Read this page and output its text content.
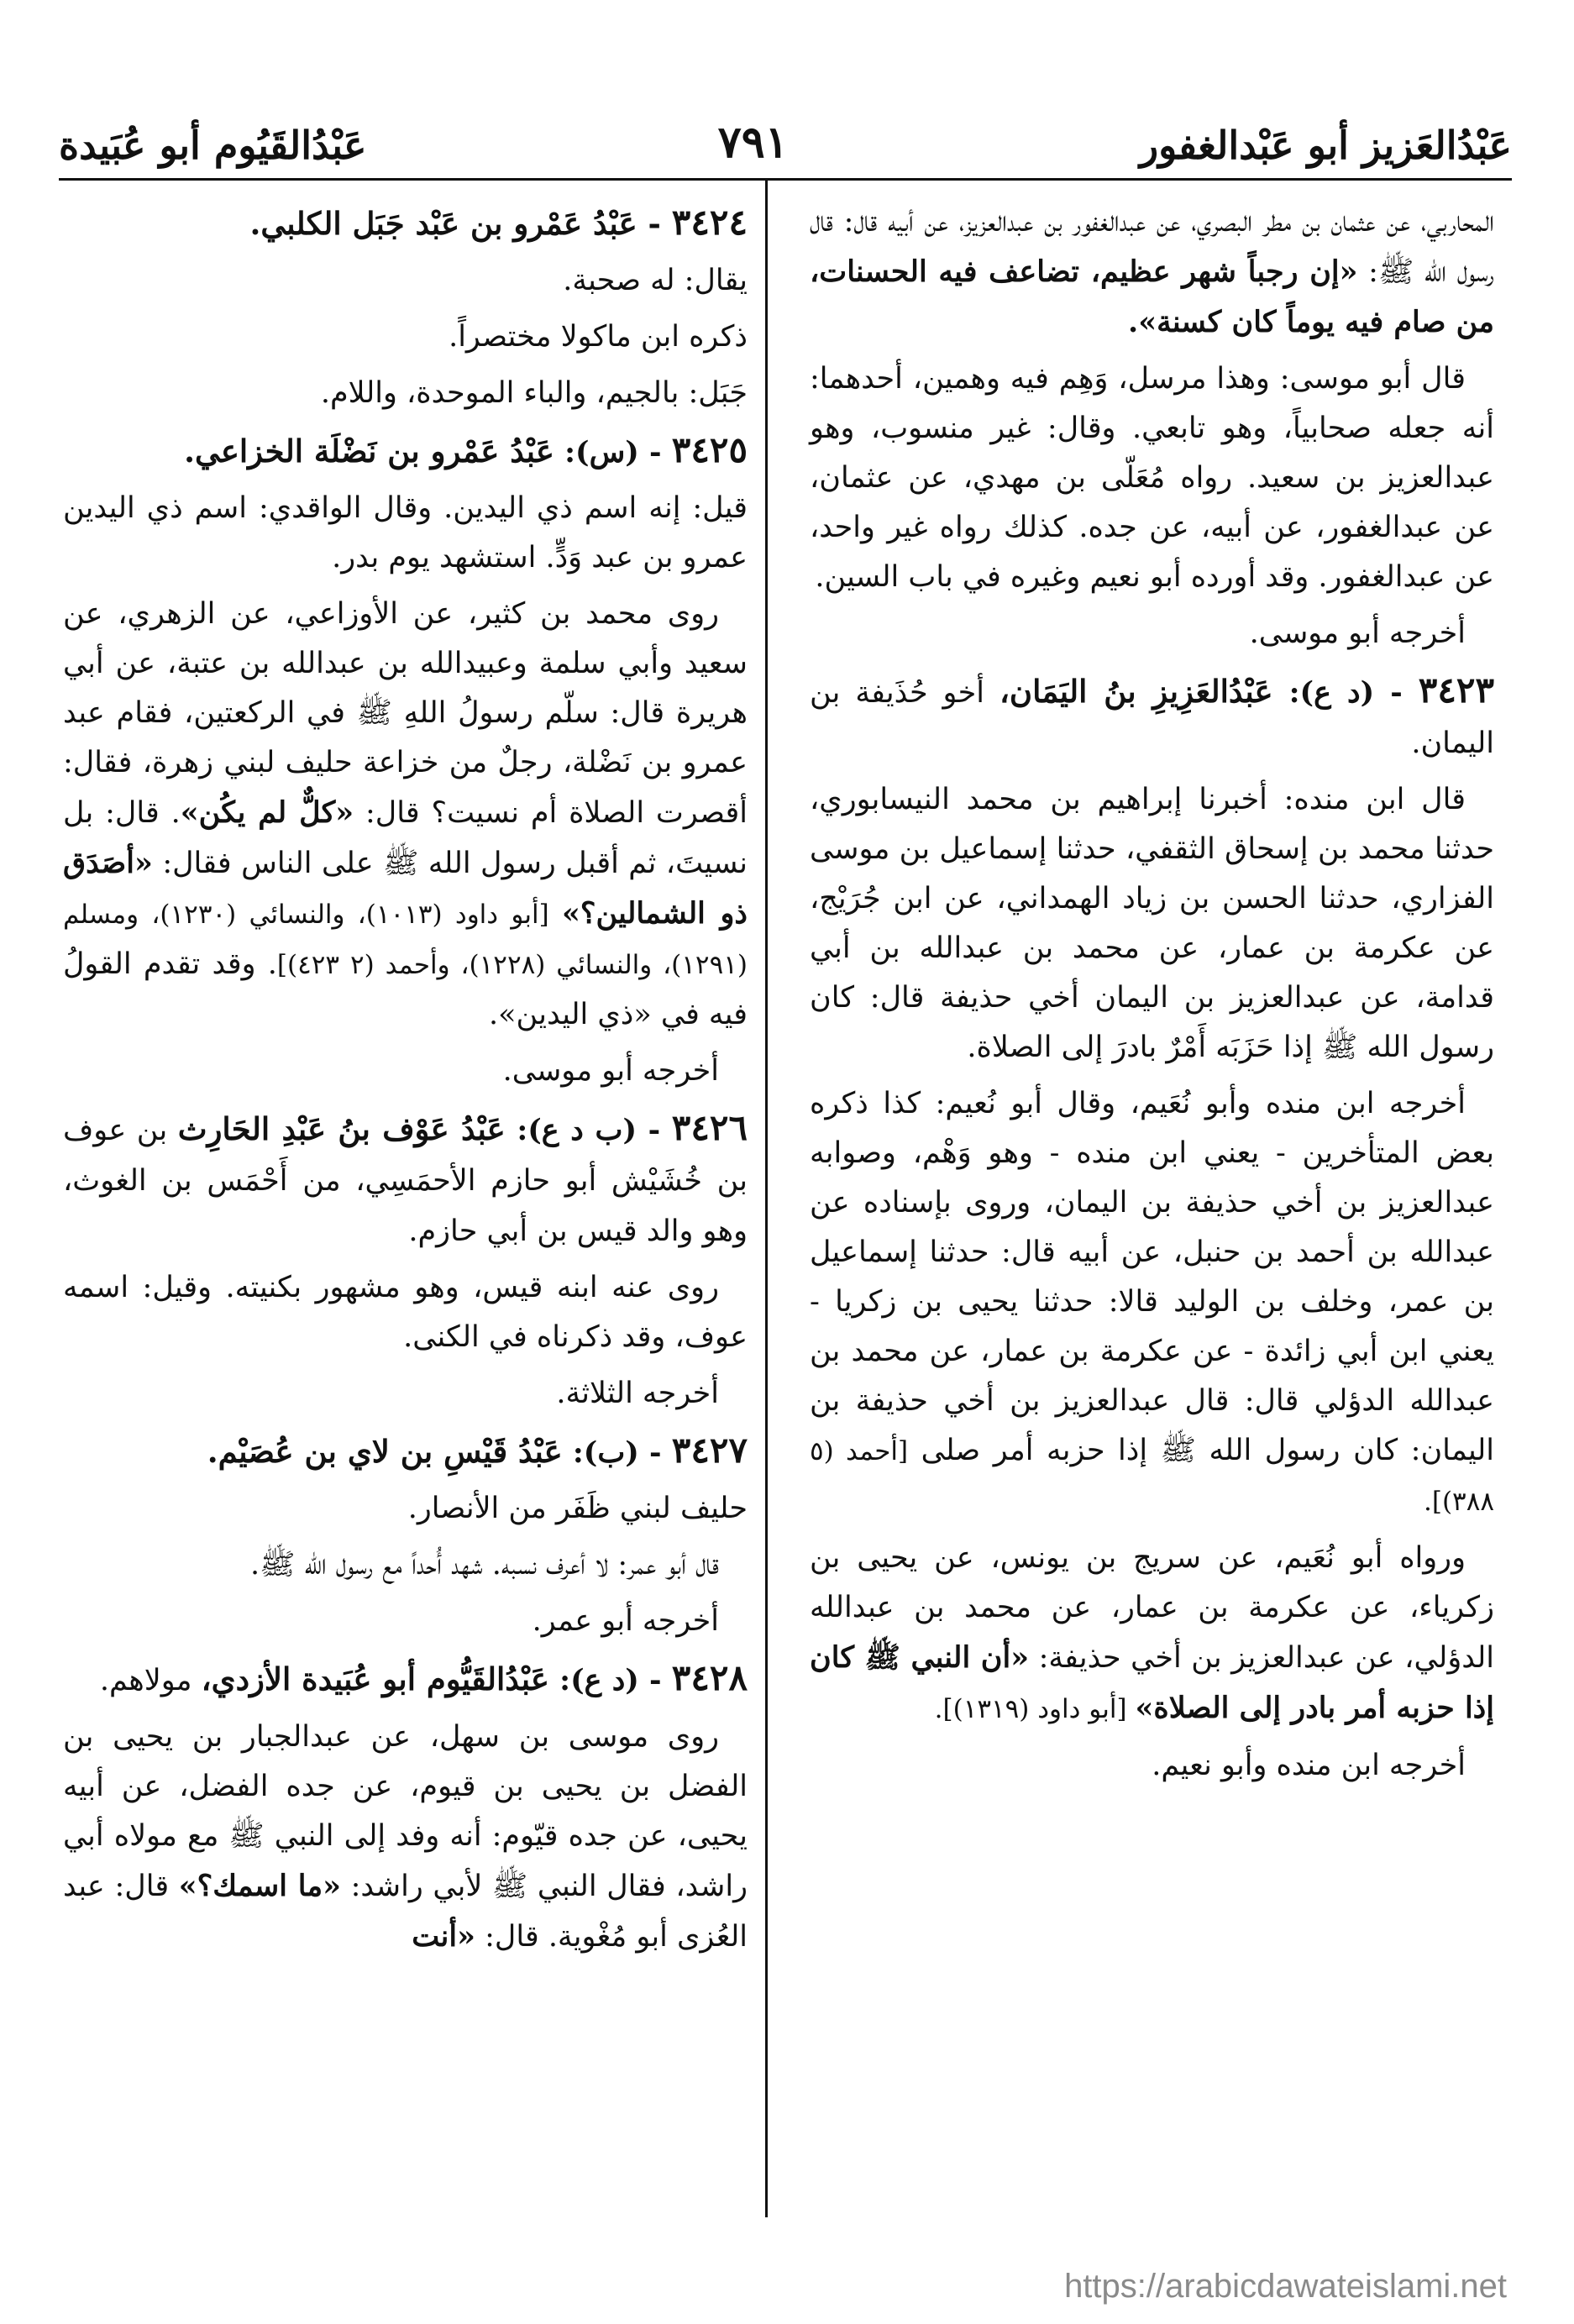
عَبْدُالعَزيز أبو عَبْدالغفور
٧٩١
عَبْدُالقَيُوم أبو عُبَيدة

المحاربي، عن عثمان بن مطر البصري، عن عبدالغفور بن عبدالعزيز، عن أبيه قال: قال رسول الله ﷺ: «إن رجباً شهر عظيم، تضاعف فيه الحسنات، من صام فيه يوماً كان كسنة».

قال أبو موسى: وهذا مرسل، وَهِم فيه وهمين، أحدهما: أنه جعله صحابياً، وهو تابعي. وقال: غير منسوب، وهو عبدالعزيز بن سعيد. رواه مُعَلّى بن مهدي، عن عثمان، عن عبدالغفور، عن أبيه، عن جده. كذلك رواه غير واحد، عن عبدالغفور. وقد أورده أبو نعيم وغيره في باب السين.

أخرجه أبو موسى.

٣٤٢٣ - (د ع): عَبْدُالعَزِيزِ بنُ اليَمَان، أخو حُذَيفة بن اليمان.

قال ابن منده: أخبرنا إبراهيم بن محمد النيسابوري، حدثنا محمد بن إسحاق الثقفي، حدثنا إسماعيل بن موسى الفزاري، حدثنا الحسن بن زياد الهمداني، عن ابن جُرَيْج، عن عكرمة بن عمار، عن محمد بن عبدالله بن أبي قدامة، عن عبدالعزيز بن اليمان أخي حذيفة قال: كان رسول الله ﷺ إذا حَزَبَه أَمْرٌ بادرَ إلى الصلاة.

أخرجه ابن منده وأبو نُعَيم، وقال أبو نُعيم: كذا ذكره بعض المتأخرين - يعني ابن منده - وهو وَهْم، وصوابه عبدالعزيز بن أخي حذيفة بن اليمان، وروى بإسناده عن عبدالله بن أحمد بن حنبل، عن أبيه قال: حدثنا إسماعيل بن عمر، وخلف بن الوليد قالا: حدثنا يحيى بن زكريا - يعني ابن أبي زائدة - عن عكرمة بن عمار، عن محمد بن عبدالله الدؤلي قال: قال عبدالعزيز بن أخي حذيفة بن اليمان: كان رسول الله ﷺ إذا حزبه أمر صلى [أحمد (٥ ٣٨٨)].

ورواه أبو نُعَيم، عن سريج بن يونس، عن يحيى بن زكرياء، عن عكرمة بن عمار، عن محمد بن عبدالله الدؤلي، عن عبدالعزيز بن أخي حذيفة: «أن النبي ﷺ كان إذا حزبه أمر بادر إلى الصلاة» [أبو داود (١٣١٩)].

أخرجه ابن منده وأبو نعيم.

٣٤٢٤ - عَبْدُ عَمْرو بن عَبْد جَبَل الكلبي.

يقال: له صحبة.

ذكره ابن ماكولا مختصراً.

جَبَل: بالجيم، والباء الموحدة، واللام.

٣٤٢٥ - (س): عَبْدُ عَمْرو بن نَضْلَة الخزاعي.

قيل: إنه اسم ذي اليدين. وقال الواقدي: اسم ذي اليدين عمرو بن عبد وَدٍّ. استشهد يوم بدر.

روى محمد بن كثير، عن الأوزاعي، عن الزهري، عن سعيد وأبي سلمة وعبيدالله بن عبدالله بن عتبة، عن أبي هريرة قال: سلّم رسولُ اللهِ ﷺ في الركعتين، فقام عبد عمرو بن نَضْلة، رجلٌ من خزاعة حليف لبني زهرة، فقال: أقصرت الصلاة أم نسيت؟ قال: «كلٌّ لم يكُن». قال: بل نسيتَ، ثم أقبل رسول الله ﷺ على الناس فقال: «أصَدَق ذو الشمالين؟» [أبو داود (١٠١٣)، والنسائي (١٢٣٠)، ومسلم (١٢٩١)، والنسائي (١٢٢٨)، وأحمد (٢ ٤٢٣)]. وقد تقدم القولُ فيه في «ذي اليدين».

أخرجه أبو موسى.

٣٤٢٦ - (ب د ع): عَبْدُ عَوْف بنُ عَبْدِ الحَارِث بن عوف بن خُشَيْش أبو حازم الأحمَسِي، من أَحْمَس بن الغوث، وهو والد قيس بن أبي حازم.

روى عنه ابنه قيس، وهو مشهور بكنيته. وقيل: اسمه عوف، وقد ذكرناه في الكنى.

أخرجه الثلاثة.

٣٤٢٧ - (ب): عَبْدُ قَيْسِ بن لاي بن عُصَيْم.

حليف لبني ظَفَر من الأنصار.

قال أبو عمر: لا أعرف نسبه. شهد أُحداً مع رسول الله ﷺ.

أخرجه أبو عمر.

٣٤٢٨ - (د ع): عَبْدُالقَيُّوم أبو عُبَيدة الأزدي، مولاهم.

روى موسى بن سهل، عن عبدالجبار بن يحيى بن الفضل بن يحيى بن قيوم، عن جده الفضل، عن أبيه يحيى، عن جده قيّوم: أنه وفد إلى النبي ﷺ مع مولاه أبي راشد، فقال النبي ﷺ لأبي راشد: «ما اسمك؟» قال: عبد العُزى أبو مُغْوية. قال: «أنت

https://arabicdawateislami.net
